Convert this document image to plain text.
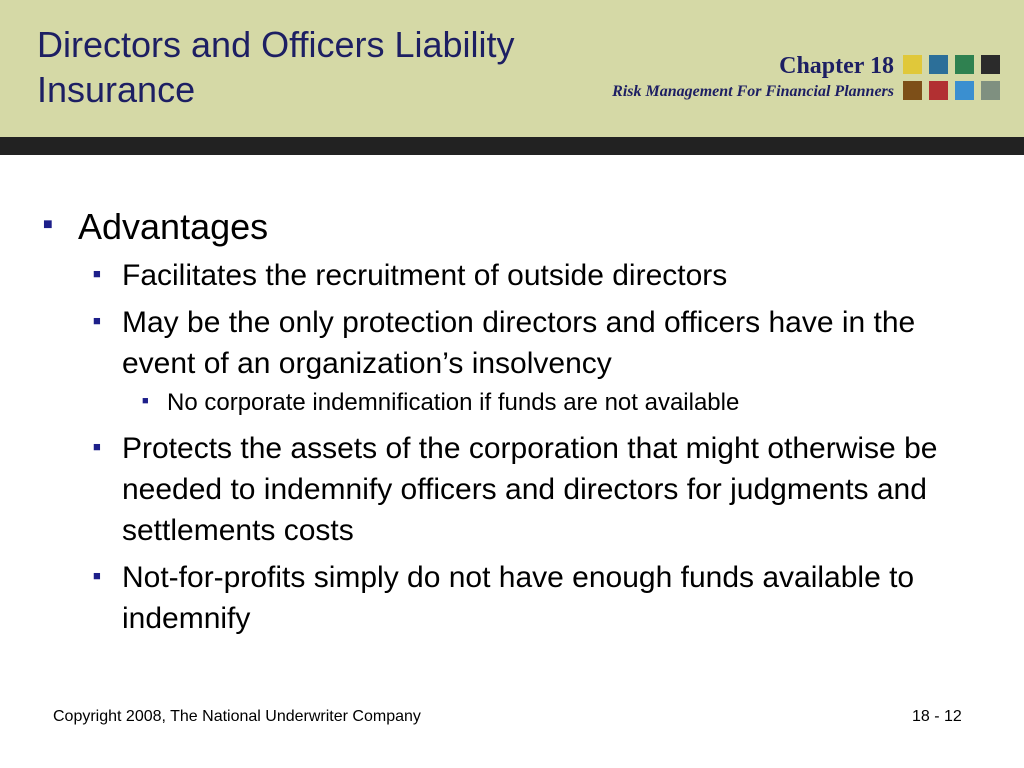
Directors and Officers Liability
Insurance
Chapter 18
Risk Management For Financial Planners
■ Advantages
■ Facilitates the recruitment of outside directors
■ May be the only protection directors and officers have in the event of an organization’s insolvency
■ No corporate indemnification if funds are not available
■ Protects the assets of the corporation that might otherwise be needed to indemnify officers and directors for judgments and settlements costs
■ Not-for-profits simply do not have enough funds available to indemnify
Copyright 2008, The National Underwriter Company	18 - 12
